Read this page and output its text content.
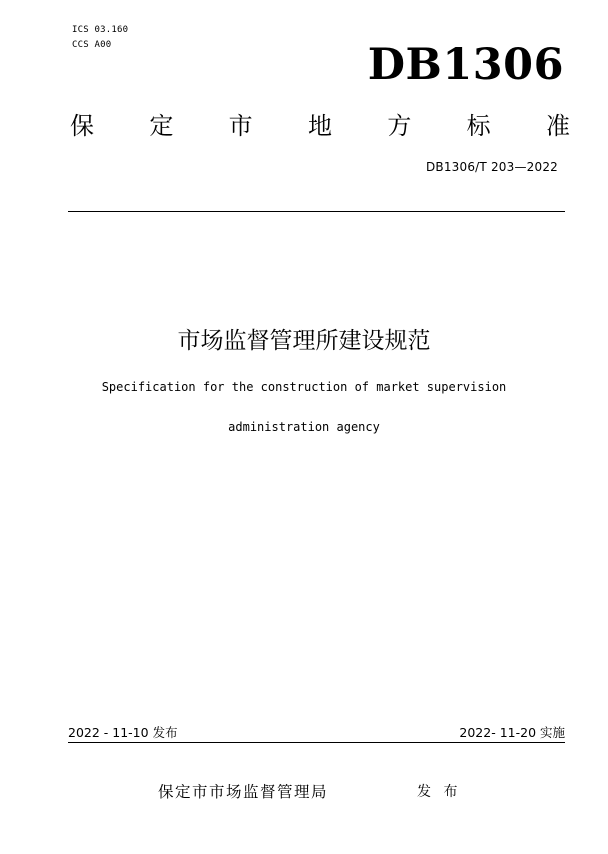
ICS 03.160
CCS A00	DB1306
保 定 市 地 方 标 准
DB1306/T 203—2022
市场监督管理所建设规范
Specification for the construction of market supervision
administration agency
2022 - 11-10 发布	2022- 11-20 实施
保定市市场监督管理局	发 布
